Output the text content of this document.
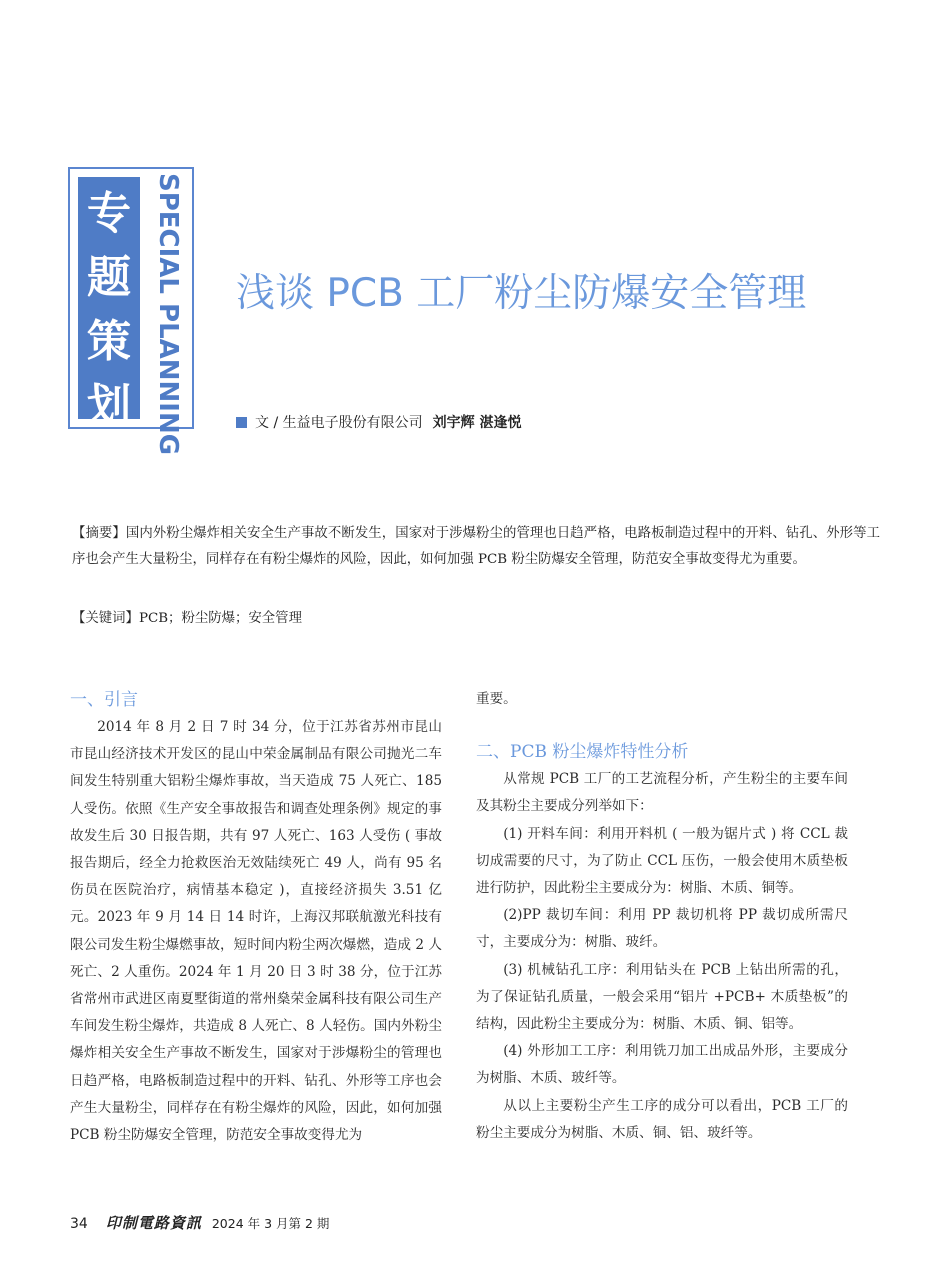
专
题
策
划 SPECIAL PLANNING 浅谈 PCB 工厂粉尘防爆安全管理
文 / 生益电子股份有限公司 刘宇辉 湛逢悦
【摘要】国内外粉尘爆炸相关安全生产事故不断发生，国家对于涉爆粉尘的管理也日趋严格，电路板制造过程中的开料、钻孔、外形等工序也会产生大量粉尘，同样存在有粉尘爆炸的风险，因此，如何加强 PCB 粉尘防爆安全管理，防范安全事故变得尤为重要。
【关键词】PCB；粉尘防爆；安全管理

一、引言

2014 年 8 月 2 日 7 时 34 分，位于江苏省苏州市昆山市昆山经济技术开发区的昆山中荣金属制品有限公司抛光二车间发生特别重大铝粉尘爆炸事故，当天造成 75 人死亡、185 人受伤。依照《生产安全事故报告和调查处理条例》规定的事故发生后 30 日报告期，共有 97 人死亡、163 人受伤 ( 事故报告期后，经全力抢救医治无效陆续死亡 49 人，尚有 95 名伤员在医院治疗，病情基本稳定 )，直接经济损失 3.51 亿元。2023 年 9 月 14 日 14 时许，上海汉邦联航激光科技有限公司发生粉尘爆燃事故，短时间内粉尘两次爆燃，造成 2 人死亡、2 人重伤。2024 年 1 月 20 日 3 时 38 分，位于江苏省常州市武进区南夏墅街道的常州燊荣金属科技有限公司生产车间发生粉尘爆炸，共造成 8 人死亡、8 人轻伤。国内外粉尘爆炸相关安全生产事故不断发生，国家对于涉爆粉尘的管理也日趋严格，电路板制造过程中的开料、钻孔、外形等工序也会产生大量粉尘，同样存在有粉尘爆炸的风险，因此，如何加强 PCB 粉尘防爆安全管理，防范安全事故变得尤为

重要。

二、PCB 粉尘爆炸特性分析

从常规 PCB 工厂的工艺流程分析，产生粉尘的主要车间及其粉尘主要成分列举如下：

(1) 开料车间：利用开料机 ( 一般为锯片式 ) 将 CCL 裁切成需要的尺寸，为了防止 CCL 压伤，一般会使用木质垫板进行防护，因此粉尘主要成分为：树脂、木质、铜等。

(2)PP 裁切车间：利用 PP 裁切机将 PP 裁切成所需尺寸，主要成分为：树脂、玻纤。

(3) 机械钻孔工序：利用钻头在 PCB 上钻出所需的孔，为了保证钻孔质量，一般会采用“铝片 +PCB+ 木质垫板”的结构，因此粉尘主要成分为：树脂、木质、铜、铝等。

(4) 外形加工工序：利用铣刀加工出成品外形，主要成分为树脂、木质、玻纤等。

从以上主要粉尘产生工序的成分可以看出，PCB 工厂的粉尘主要成分为树脂、木质、铜、铝、玻纤等。

34 印制電路資訊 2024 年 3 月第 2 期
